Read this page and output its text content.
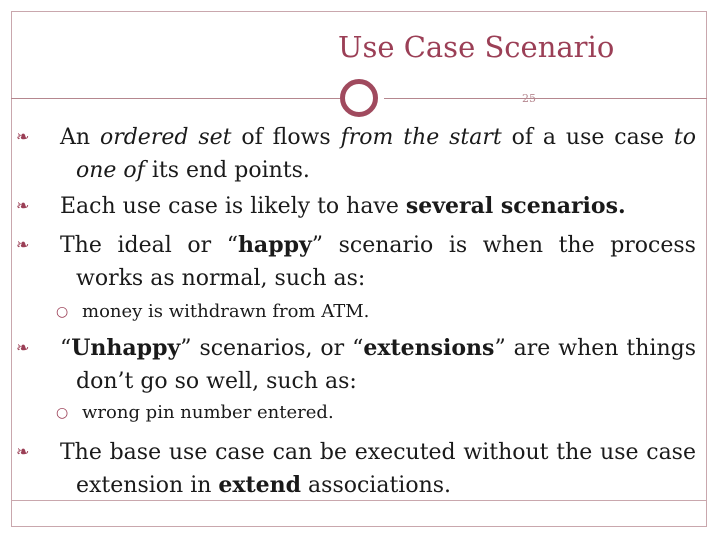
Use Case Scenario
25
❧ An ordered set of flows from the start of a use case to one of its end points.
❧ Each use case is likely to have several scenarios.
❧ The ideal or “happy” scenario is when the process works as normal, such as:
○ money is withdrawn from ATM.
❧ “Unhappy” scenarios, or “extensions” are when things don’t go so well, such as:
○ wrong pin number entered.
❧ The base use case can be executed without the use case extension in extend associations.
